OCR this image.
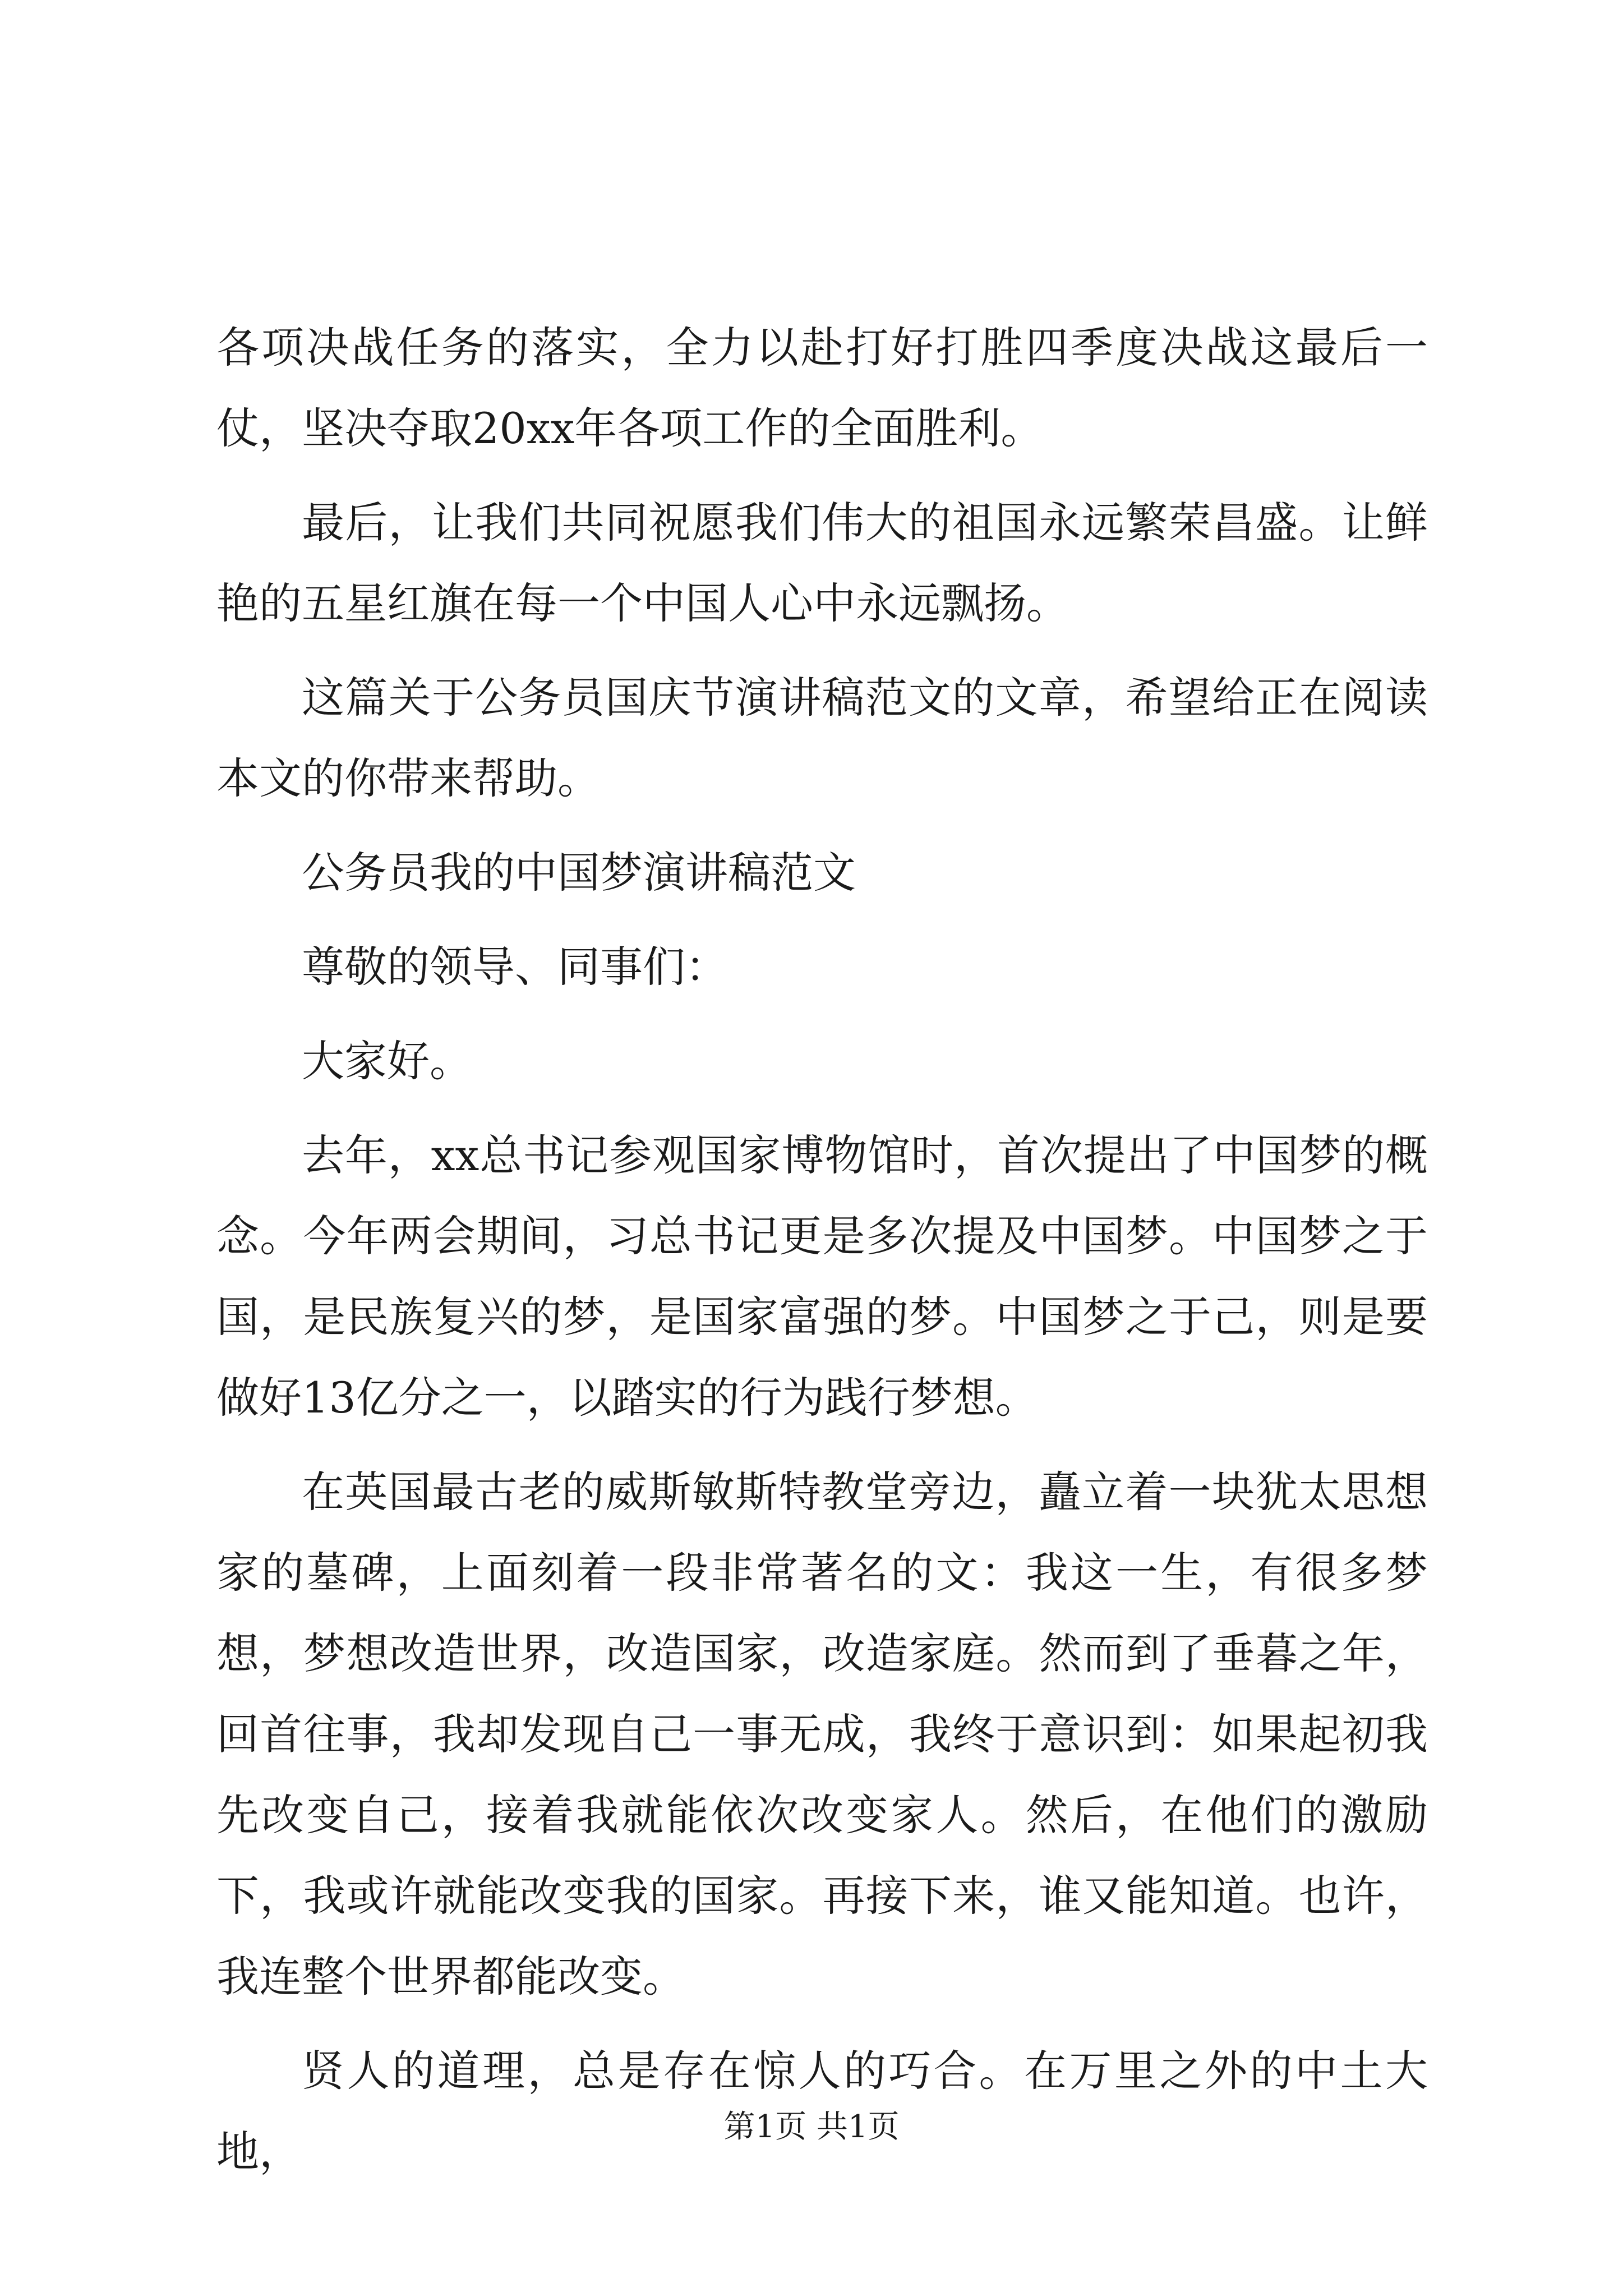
各项决战任务的落实，全力以赴打好打胜四季度决战这最后一仗，坚决夺取20xx年各项工作的全面胜利。

最后，让我们共同祝愿我们伟大的祖国永远繁荣昌盛。让鲜艳的五星红旗在每一个中国人心中永远飘扬。

这篇关于公务员国庆节演讲稿范文的文章，希望给正在阅读本文的你带来帮助。

公务员我的中国梦演讲稿范文

尊敬的领导、同事们：

大家好。

去年，xx总书记参观国家博物馆时，首次提出了中国梦的概念。今年两会期间，习总书记更是多次提及中国梦。中国梦之于国，是民族复兴的梦，是国家富强的梦。中国梦之于己，则是要做好13亿分之一，以踏实的行为践行梦想。

在英国最古老的威斯敏斯特教堂旁边，矗立着一块犹太思想家的墓碑，上面刻着一段非常著名的文：我这一生，有很多梦想，梦想改造世界，改造国家，改造家庭。然而到了垂暮之年，回首往事，我却发现自己一事无成，我终于意识到：如果起初我先改变自己，接着我就能依次改变家人。然后，在他们的激励下，我或许就能改变我的国家。再接下来，谁又能知道。也许，我连整个世界都能改变。

贤人的道理，总是存在惊人的巧合。在万里之外的中土大地，	第1页 共1页
